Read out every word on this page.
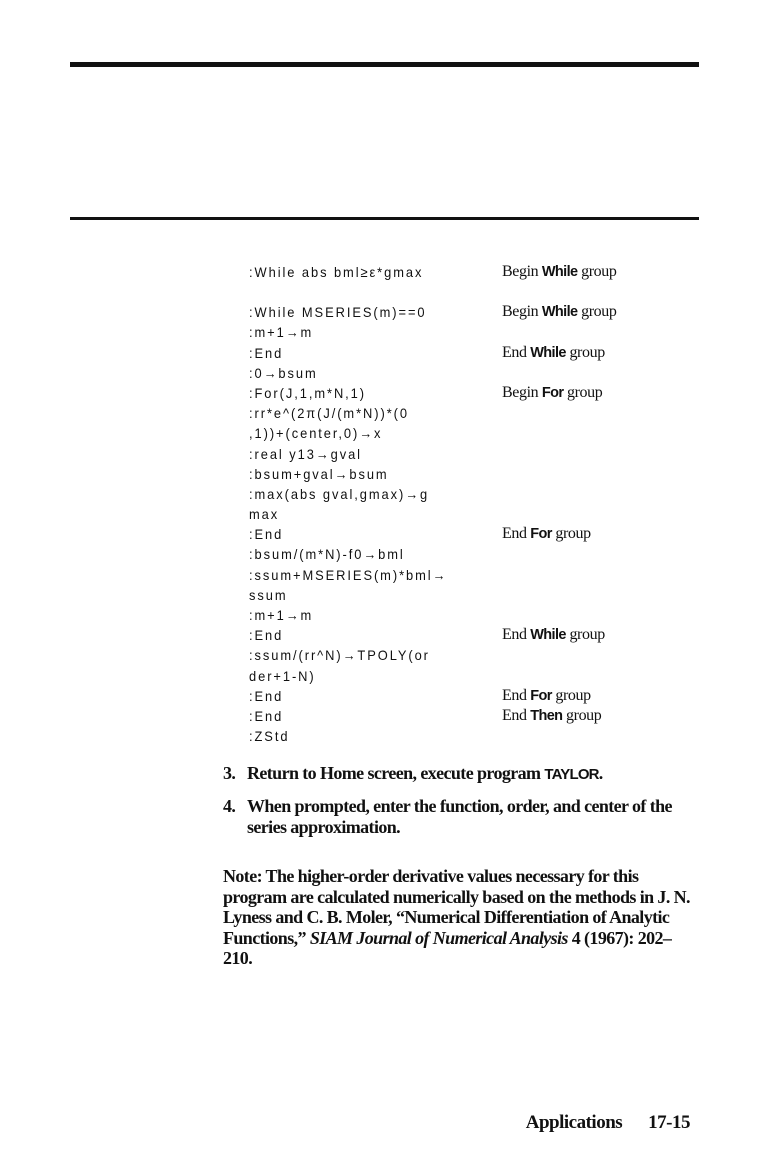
:While abs bml≥ε*gmax	Begin While group
:While MSERIES(m)==0	Begin While group
:m+1→m
:End	End While group
:0→bsum
:For(J,1,m*N,1)	Begin For group
:rr*e^(2π(J/(m*N))*(0
,1))+(center,0)→x
:real y13→gval
:bsum+gval→bsum
:max(abs gval,gmax)→g
max
:End	End For group
:bsum/(m*N)-f0→bml
:ssum+MSERIES(m)*bml→
ssum
:m+1→m
:End	End While group
:ssum/(rr^N)→TPOLY(or
der+1-N)
:End	End For group
:End	End Then group
:ZStd
3. Return to Home screen, execute program TAYLOR.
4. When prompted, enter the function, order, and center of the series approximation.
Note: The higher-order derivative values necessary for this program are calculated numerically based on the methods in J. N. Lyness and C. B. Moler, “Numerical Differentiation of Analytic Functions,” SIAM Journal of Numerical Analysis 4 (1967): 202–210.
Applications 17-15
